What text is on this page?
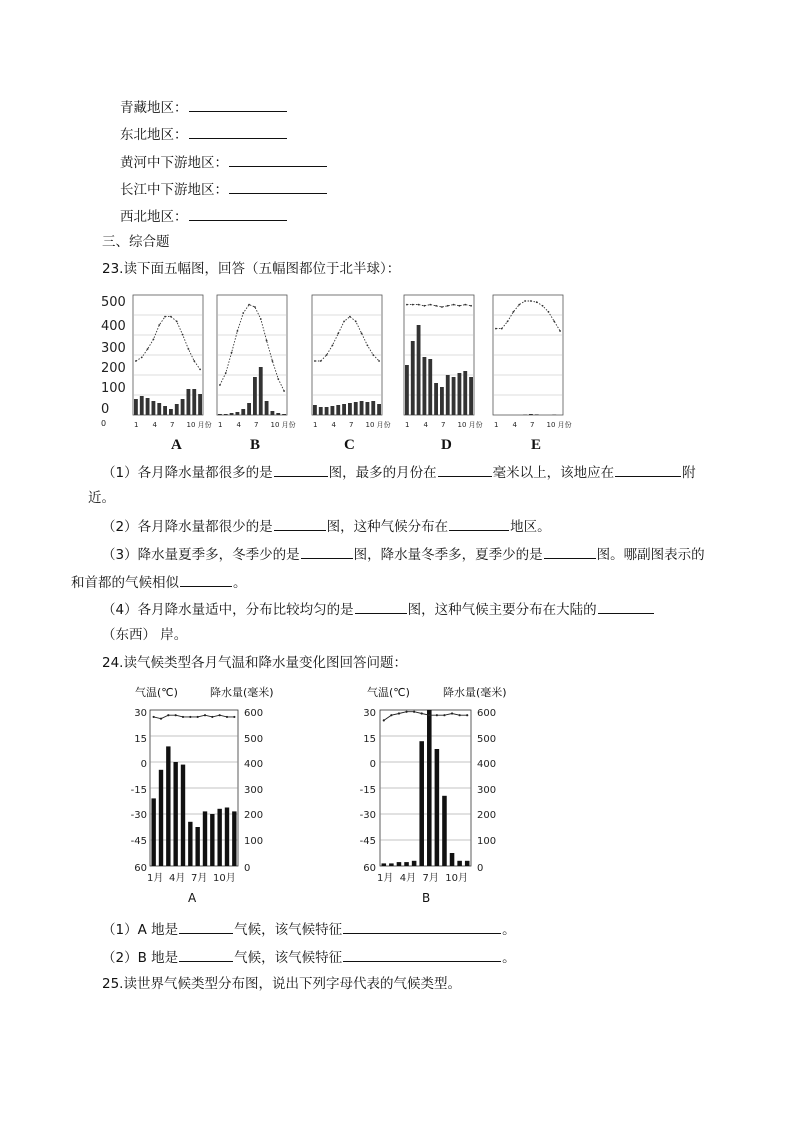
青藏地区：
东北地区：
黄河中下游地区：
长江中下游地区：
西北地区：
三、综合题
23.读下面五幅图，回答（五幅图都位于北半球）：
A	B	C	D	E
（1）各月降水量都很多的是	图，最多的月份在	毫米以上，该地应在	附
近。
（2）各月降水量都很少的是	图，这种气候分布在	地区。
（3）降水量夏季多，冬季少的是	图，降水量冬季多，夏季少的是	图。哪副图表示的
和首都的气候相似	。
（4）各月降水量适中，分布比较均匀的是	图，这种气候主要分布在大陆的
（东西） 岸。
24.读气候类型各月气温和降水量变化图回答问题：
气温(℃)	降水量(毫米)	气温(℃)	降水量(毫米)
A	B
（1）A 地是	气候，该气候特征	。
（2）B 地是	气候，该气候特征	。
25.读世界气候类型分布图，说出下列字母代表的气候类型。
500
400
300
200
100
0
0	1 4 7 10 月份 1 4 7 10 月份 1 4 7 10 月份 1 4 7 10 月份 1 4 7 10 月份
30
15
0
-15
-30
-45
60
600
500
400
300
200
100
0
1月 4月 7月 10月
30
15
0
-15
-30
-45
60
600
500
400
300
200
100
0
1月 4月 7月 10月
